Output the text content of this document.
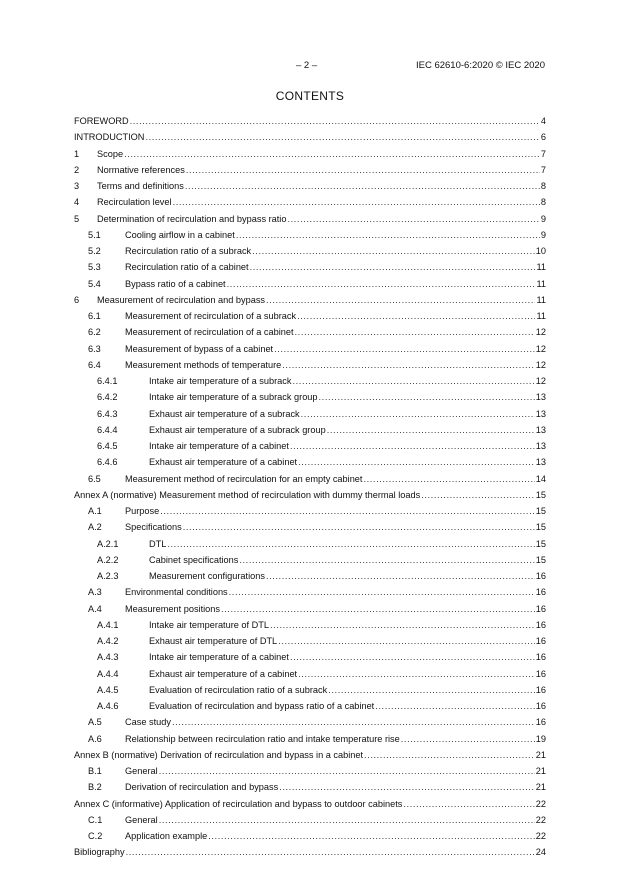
– 2 –	IEC 62610-6:2020 © IEC 2020
CONTENTS
FOREWORD .....	4
INTRODUCTION .....	6
1	Scope .....	7
2	Normative references .....	7
3	Terms and definitions .....	8
4	Recirculation level .....	8
5	Determination of recirculation and bypass ratio .....	9
5.1	Cooling airflow in a cabinet .....	9
5.2	Recirculation ratio of a subrack .....	10
5.3	Recirculation ratio of a cabinet .....	11
5.4	Bypass ratio of a cabinet .....	11
6	Measurement of recirculation and bypass .....	11
6.1	Measurement of recirculation of a subrack .....	11
6.2	Measurement of recirculation of a cabinet .....	12
6.3	Measurement of bypass of a cabinet .....	12
6.4	Measurement methods of temperature .....	12
6.4.1	Intake air temperature of a subrack .....	12
6.4.2	Intake air temperature of a subrack group .....	13
6.4.3	Exhaust air temperature of a subrack .....	13
6.4.4	Exhaust air temperature of a subrack group .....	13
6.4.5	Intake air temperature of a cabinet .....	13
6.4.6	Exhaust air temperature of a cabinet .....	13
6.5	Measurement method of recirculation for an empty cabinet .....	14
Annex A (normative) Measurement method of recirculation with dummy thermal loads .....	15
A.1	Purpose .....	15
A.2	Specifications .....	15
A.2.1	DTL .....	15
A.2.2	Cabinet specifications .....	15
A.2.3	Measurement configurations .....	16
A.3	Environmental conditions .....	16
A.4	Measurement positions .....	16
A.4.1	Intake air temperature of DTL .....	16
A.4.2	Exhaust air temperature of DTL .....	16
A.4.3	Intake air temperature of a cabinet .....	16
A.4.4	Exhaust air temperature of a cabinet .....	16
A.4.5	Evaluation of recirculation ratio of a subrack .....	16
A.4.6	Evaluation of recirculation and bypass ratio of a cabinet .....	16
A.5	Case study .....	16
A.6	Relationship between recirculation ratio and intake temperature rise .....	19
Annex B (normative) Derivation of recirculation and bypass in a cabinet .....	21
B.1	General .....	21
B.2	Derivation of recirculation and bypass .....	21
Annex C (informative) Application of recirculation and bypass to outdoor cabinets .....	22
C.1	General .....	22
C.2	Application example .....	22
Bibliography .....	24
